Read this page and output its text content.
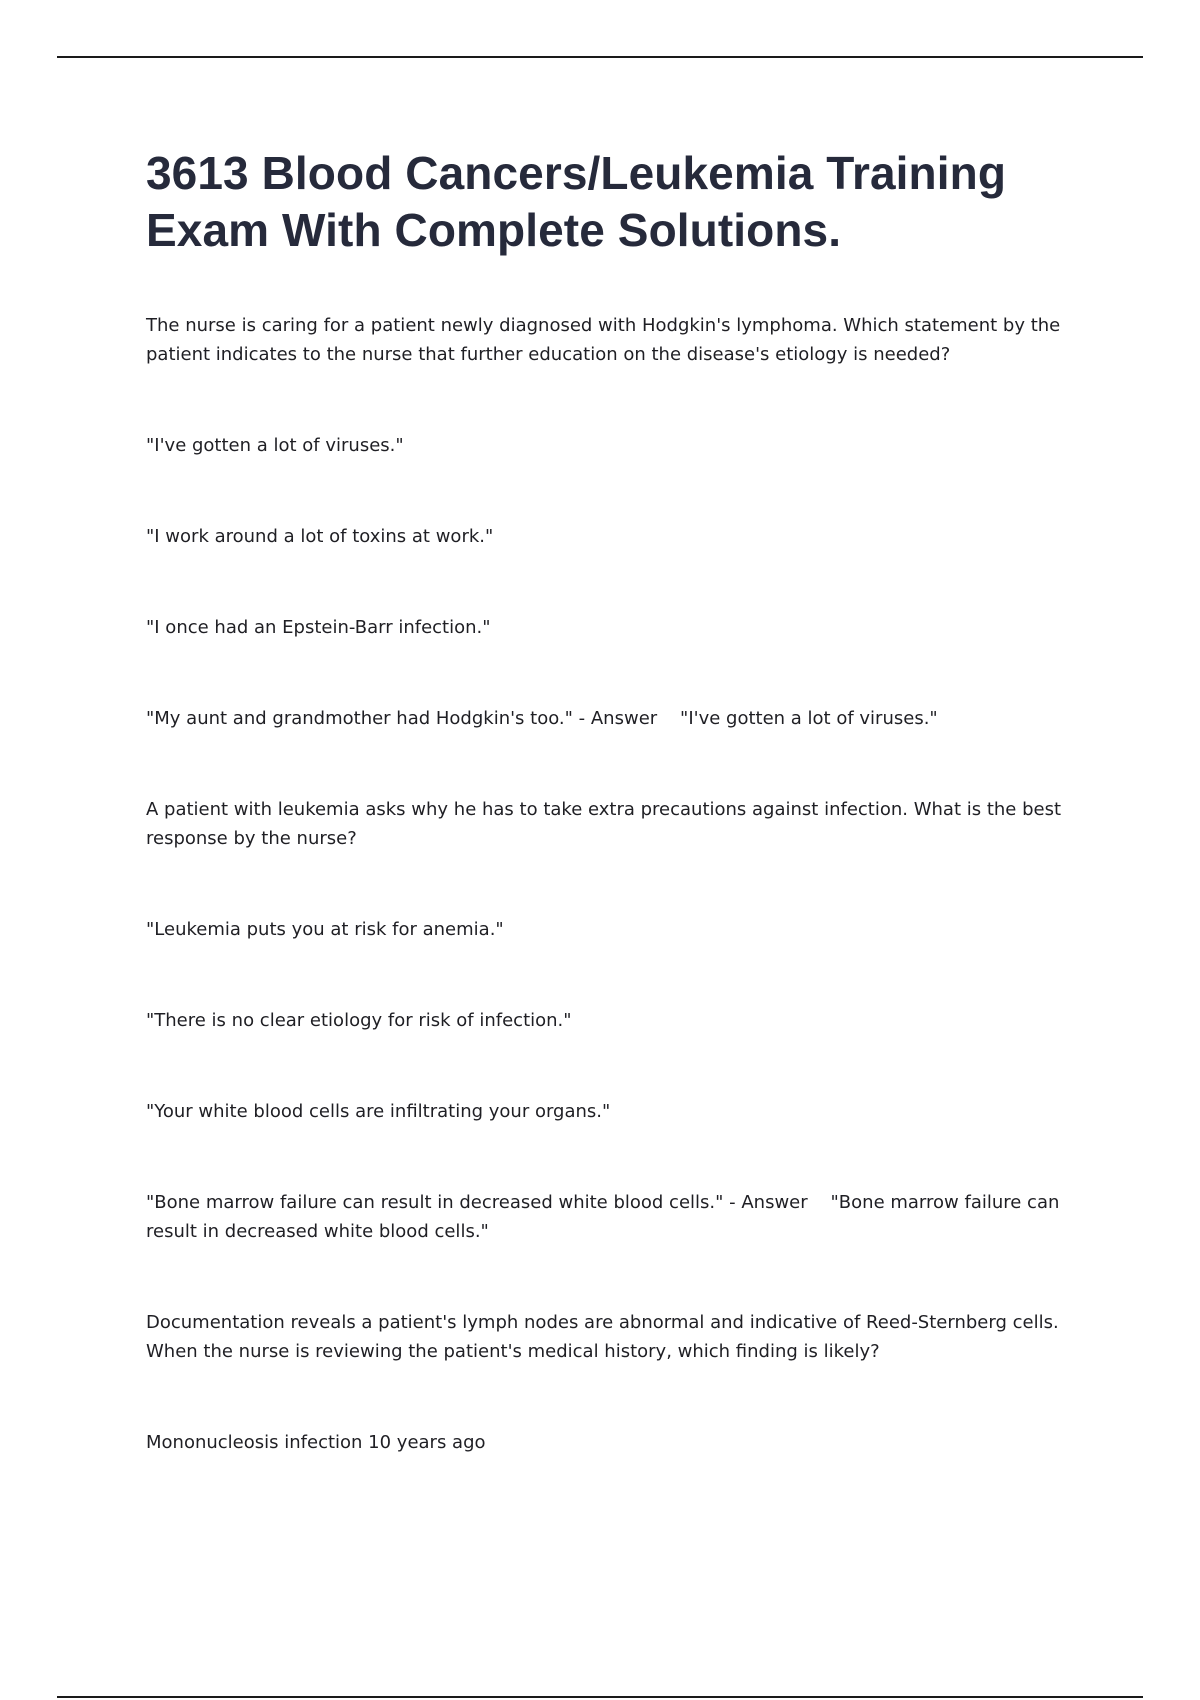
3613 Blood Cancers/Leukemia Training Exam With Complete Solutions.

The nurse is caring for a patient newly diagnosed with Hodgkin's lymphoma. Which statement by the patient indicates to the nurse that further education on the disease's etiology is needed?

"I've gotten a lot of viruses."

"I work around a lot of toxins at work."

"I once had an Epstein-Barr infection."

"My aunt and grandmother had Hodgkin's too." - Answer    "I've gotten a lot of viruses."

A patient with leukemia asks why he has to take extra precautions against infection. What is the best response by the nurse?

"Leukemia puts you at risk for anemia."

"There is no clear etiology for risk of infection."

"Your white blood cells are infiltrating your organs."

"Bone marrow failure can result in decreased white blood cells." - Answer    "Bone marrow failure can result in decreased white blood cells."

Documentation reveals a patient's lymph nodes are abnormal and indicative of Reed-Sternberg cells. When the nurse is reviewing the patient's medical history, which finding is likely?

Mononucleosis infection 10 years ago
